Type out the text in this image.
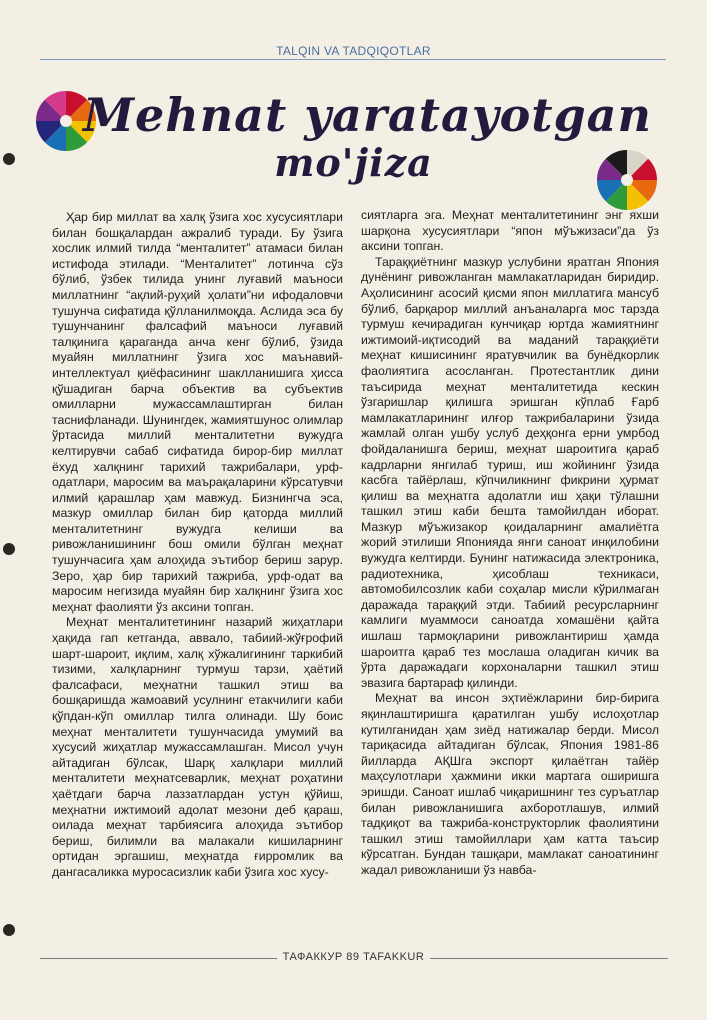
TALQIN VA TADQIQOTLAR
Mehnat yaratayotgan
mo'jiza

Ҳар бир миллат ва халқ ўзига хос хусусиятлари билан бошқалардан ажралиб туради. Бу ўзига хослик илмий тилда “менталитет” атамаси билан истифода этилади. “Менталитет” лотинча сўз бўлиб, ўзбек тилида унинг луғавий маъноси миллатнинг “ақлий-руҳий ҳолати”ни ифодаловчи тушунча сифатида қўлланилмоқда. Аслида эса бу тушунчанинг фалсафий маъноси луғавий талқинига қараганда анча кенг бўлиб, ўзида муайян миллатнинг ўзига хос маънавий-интеллектуал қиёфасининг шаклланишига ҳисса қўшадиган барча объектив ва субъектив омилларни мужассамлаштирган билан таснифланади. Шунингдек, жамиятшунос олимлар ўртасида миллий менталитетни вужудга келтирувчи сабаб сифатида бирор-бир миллат ёхуд халқнинг тарихий тажрибалари, урф-одатлари, маросим ва маърақаларини кўрсатувчи илмий қарашлар ҳам мавжуд. Бизнингча эса, мазкур омиллар билан бир қаторда миллий менталитетнинг вужудга келиши ва ривожланишининг бош омили бўлган меҳнат тушунчасига ҳам алоҳида эътибор бериш зарур. Зеро, ҳар бир тарихий тажриба, урф-одат ва маросим негизида муайян бир халқнинг ўзига хос меҳнат фаолияти ўз аксини топган.

Меҳнат менталитетининг назарий жиҳатлари ҳақида гап кетганда, аввало, табиий-жўғрофий шарт-шароит, иқлим, халқ хўжалигининг таркибий тизими, халқларнинг турмуш тарзи, ҳаётий фалсафаси, меҳнатни ташкил этиш ва бошқаришда жамоавий усулнинг етакчилиги каби қўпдан-кўп омиллар тилга олинади. Шу боис меҳнат менталитети тушунчасида умумий ва хусусий жиҳатлар мужассамлашган. Мисол учун айтадиган бўлсак, Шарқ халқлари миллий менталитети меҳнатсеварлик, меҳнат роҳатини ҳаётдаги барча лаззатлардан устун қўйиш, меҳнатни ижтимоий адолат мезони деб қараш, оилада меҳнат тарбиясига алоҳида эътибор бериш, билимли ва малакали кишиларнинг ортидан эргашиш, меҳнатда ғирромлик ва дангасаликка муросасизлик каби ўзига хос хусу-

сиятларга эга. Меҳнат менталитетининг энг яхши шарқона хусусиятлари “япон мўъжизаси”да ўз аксини топган.

Тараққиётнинг мазкур услубини яратган Япония дунёнинг ривожланган мамлакатларидан биридир. Аҳолисининг асосий қисми япон миллатига мансуб бўлиб, барқарор миллий анъаналарга мос тарзда турмуш кечирадиган кунчиқар юртда жамиятнинг ижтимоий-иқтисодий ва маданий тараққиёти меҳнат кишисининг яратувчилик ва бунёдкорлик фаолиятига асосланган. Протестантлик дини таъсирида меҳнат менталитетида кескин ўзгаришлар қилишга эришган кўплаб Ғарб мамлакатларининг илғор тажрибаларини ўзида жамлай олган ушбу услуб деҳқонга ерни умрбод фойдаланишга бериш, меҳнат шароитига қараб кадрларни янгилаб туриш, иш жойининг ўзида касбга тайёрлаш, кўпчиликнинг фикрини ҳурмат қилиш ва меҳнатга адолатли иш ҳақи тўлашни ташкил этиш каби бешта тамойилдан иборат. Мазкур мўъжизакор қоидаларнинг амалиётга жорий этилиши Японияда янги саноат инқилобини вужудга келтирди. Бунинг натижасида электроника, радиотехника, ҳисоблаш техникаси, автомобилсозлик каби соҳалар мисли кўрилмаган даражада тараққий этди. Табиий ресурсларнинг камлиги муаммоси саноатда хомашёни қайта ишлаш тармоқларини ривожлантириш ҳамда шароитга қараб тез мослаша оладиган кичик ва ўрта даражадаги корхоналарни ташкил этиш эвазига бартараф қилинди.

Меҳнат ва инсон эҳтиёжларини бир-бирига яқинлаштиришга қаратилган ушбу ислоҳотлар кутилганидан ҳам зиёд натижалар берди. Мисол тариқасида айтадиган бўлсак, Япония 1981-86 йилларда АҚШга экспорт қилаётган тайёр маҳсулотлари ҳажмини икки мартага оширишга эришди. Саноат ишлаб чиқаришнинг тез суръатлар билан ривожланишига ахборотлашув, илмий тадқиқот ва тажриба-конструкторлик фаолиятини ташкил этиш тамойиллари ҳам катта таъсир кўрсатган. Бундан ташқари, мамлакат саноатининг жадал ривожланиши ўз навба-

ТАФАККУР 89 TAFAKKUR
